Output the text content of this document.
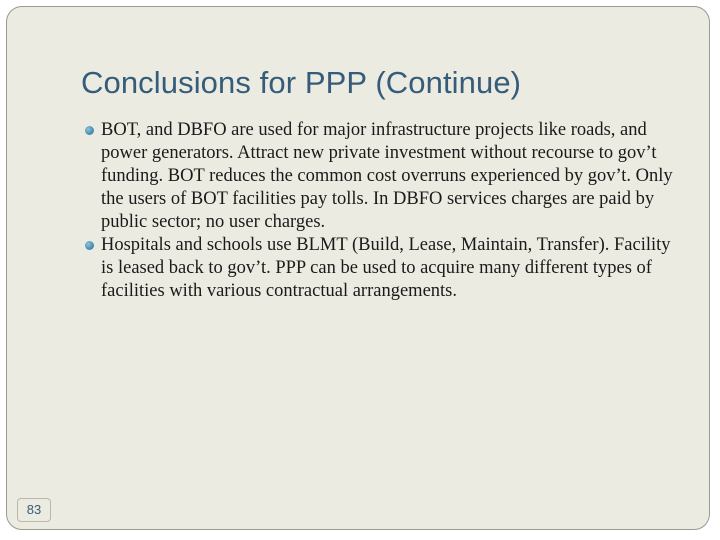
Conclusions for PPP (Continue)
BOT, and DBFO are used for major infrastructure projects like roads, and power generators. Attract new private investment without recourse to gov’t funding. BOT reduces the common cost overruns experienced by gov’t. Only the users of BOT facilities pay tolls. In DBFO services charges are paid by public sector; no user charges.
Hospitals and schools use BLMT (Build, Lease, Maintain, Transfer). Facility is leased back to gov’t. PPP can be used to acquire many different types of facilities with various contractual arrangements.
83
